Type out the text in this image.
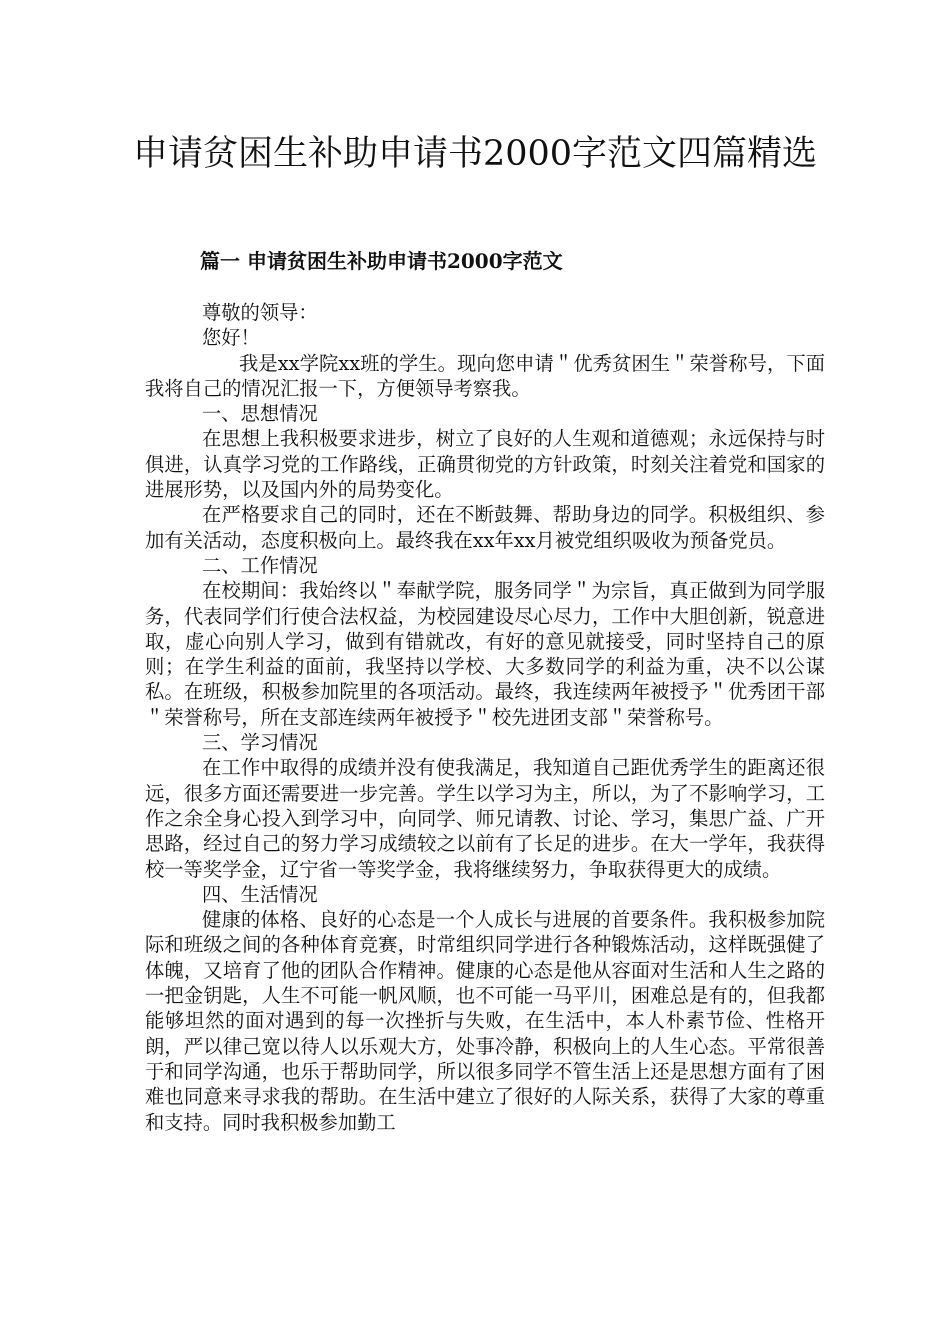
申请贫困生补助申请书2000字范文四篇精选
篇一 申请贫困生补助申请书2000字范文

尊敬的领导：

您好！

我是xx学院xx班的学生。现向您申请＂优秀贫困生＂荣誉称号，下面我将自己的情况汇报一下，方便领导考察我。

一、思想情况

在思想上我积极要求进步，树立了良好的人生观和道德观；永远保持与时俱进，认真学习党的工作路线，正确贯彻党的方针政策，时刻关注着党和国家的进展形势，以及国内外的局势变化。

在严格要求自己的同时，还在不断鼓舞、帮助身边的同学。积极组织、参加有关活动，态度积极向上。最终我在xx年xx月被党组织吸收为预备党员。

二、工作情况

在校期间：我始终以＂奉献学院，服务同学＂为宗旨，真正做到为同学服务，代表同学们行使合法权益，为校园建设尽心尽力，工作中大胆创新，锐意进取，虚心向别人学习，做到有错就改，有好的意见就接受，同时坚持自己的原则；在学生利益的面前，我坚持以学校、大多数同学的利益为重，决不以公谋私。在班级，积极参加院里的各项活动。最终，我连续两年被授予＂优秀团干部＂荣誉称号，所在支部连续两年被授予＂校先进团支部＂荣誉称号。

三、学习情况

在工作中取得的成绩并没有使我满足，我知道自己距优秀学生的距离还很远，很多方面还需要进一步完善。学生以学习为主，所以，为了不影响学习，工作之余全身心投入到学习中，向同学、师兄请教、讨论、学习，集思广益、广开思路，经过自己的努力学习成绩较之以前有了长足的进步。在大一学年，我获得校一等奖学金，辽宁省一等奖学金，我将继续努力，争取获得更大的成绩。

四、生活情况

健康的体格、良好的心态是一个人成长与进展的首要条件。我积极参加院际和班级之间的各种体育竞赛，时常组织同学进行各种锻炼活动，这样既强健了体魄，又培育了他的团队合作精神。健康的心态是他从容面对生活和人生之路的一把金钥匙，人生不可能一帆风顺，也不可能一马平川，困难总是有的，但我都能够坦然的面对遇到的每一次挫折与失败，在生活中，本人朴素节俭、性格开朗，严以律己宽以待人以乐观大方，处事冷静，积极向上的人生心态。平常很善于和同学沟通，也乐于帮助同学，所以很多同学不管生活上还是思想方面有了困难也同意来寻求我的帮助。在生活中建立了很好的人际关系，获得了大家的尊重和支持。同时我积极参加勤工
